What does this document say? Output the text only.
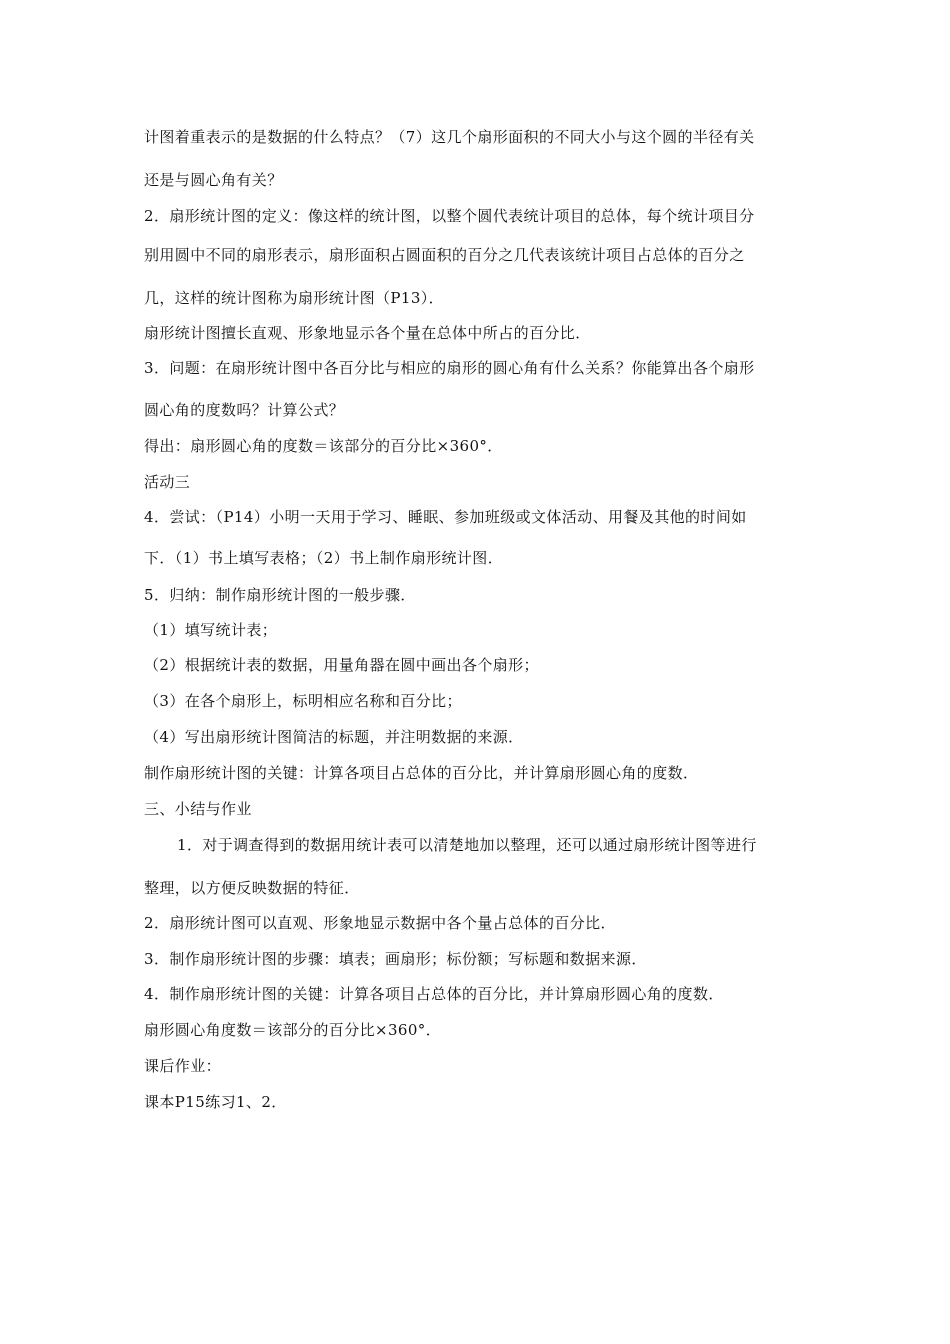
计图着重表示的是数据的什么特点？（7）这几个扇形面积的不同大小与这个圆的半径有关
还是与圆心角有关？
2．扇形统计图的定义：像这样的统计图，以整个圆代表统计项目的总体，每个统计项目分
别用圆中不同的扇形表示，扇形面积占圆面积的百分之几代表该统计项目占总体的百分之
几，这样的统计图称为扇形统计图（P13）．
扇形统计图擅长直观、形象地显示各个量在总体中所占的百分比．
3．问题：在扇形统计图中各百分比与相应的扇形的圆心角有什么关系？你能算出各个扇形
圆心角的度数吗？计算公式？
得出：扇形圆心角的度数＝该部分的百分比×360°．
活动三
4．尝试：（P14）小明一天用于学习、睡眠、参加班级或文体活动、用餐及其他的时间如
下．（1）书上填写表格；（2）书上制作扇形统计图．
5．归纳：制作扇形统计图的一般步骤．
（1）填写统计表；
（2）根据统计表的数据，用量角器在圆中画出各个扇形；
（3）在各个扇形上，标明相应名称和百分比；
（4）写出扇形统计图简洁的标题，并注明数据的来源．
制作扇形统计图的关键：计算各项目占总体的百分比，并计算扇形圆心角的度数．
三、小结与作业
1．对于调查得到的数据用统计表可以清楚地加以整理，还可以通过扇形统计图等进行
整理，以方便反映数据的特征．
2．扇形统计图可以直观、形象地显示数据中各个量占总体的百分比．
3．制作扇形统计图的步骤：填表；画扇形；标份额；写标题和数据来源．
4．制作扇形统计图的关键：计算各项目占总体的百分比，并计算扇形圆心角的度数．
扇形圆心角度数＝该部分的百分比×360°．
课后作业：
课本P15练习1、2．
